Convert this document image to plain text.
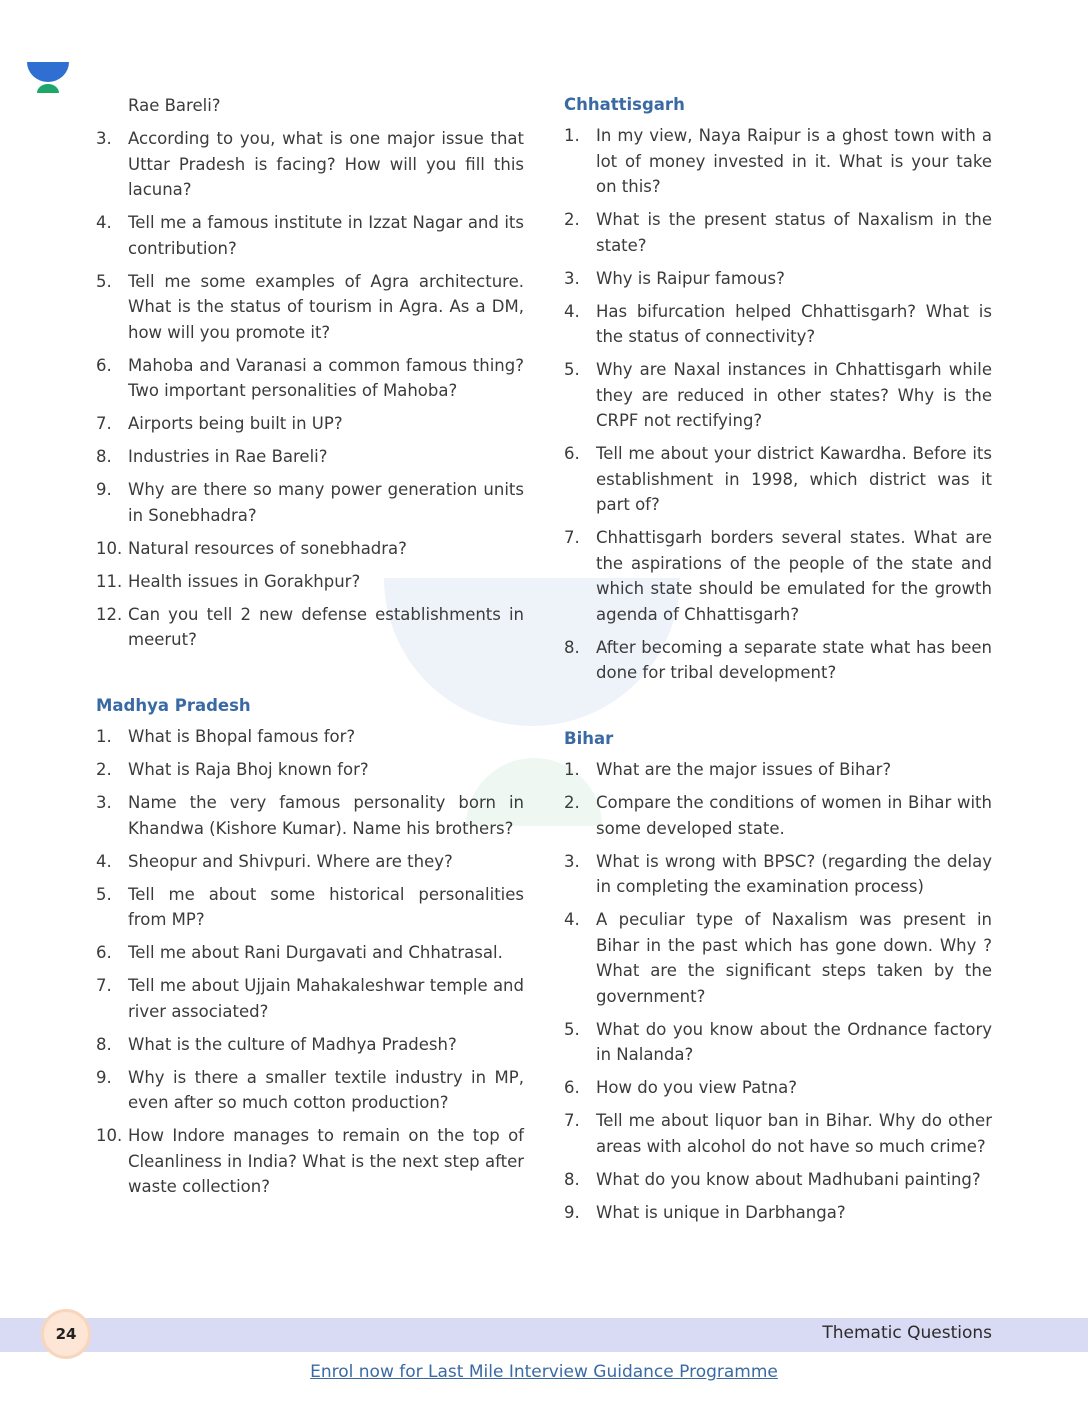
Rae Bareli?
3. According to you, what is one major issue that Uttar Pradesh is facing? How will you fill this lacuna?
4. Tell me a famous institute in Izzat Nagar and its contribution?
5. Tell me some examples of Agra architecture. What is the status of tourism in Agra. As a DM, how will you promote it?
6. Mahoba and Varanasi a common famous thing? Two important personalities of Mahoba?
7. Airports being built in UP?
8. Industries in Rae Bareli?
9. Why are there so many power generation units in Sonebhadra?
10. Natural resources of sonebhadra?
11. Health issues in Gorakhpur?
12. Can you tell 2 new defense establishments in meerut?
Madhya Pradesh
1. What is Bhopal famous for?
2. What is Raja Bhoj known for?
3. Name the very famous personality born in Khandwa (Kishore Kumar). Name his brothers?
4. Sheopur and Shivpuri. Where are they?
5. Tell me about some historical personalities from MP?
6. Tell me about Rani Durgavati and Chhatrasal.
7. Tell me about Ujjain Mahakaleshwar temple and river associated?
8. What is the culture of Madhya Pradesh?
9. Why is there a smaller textile industry in MP, even after so much cotton production?
10. How Indore manages to remain on the top of Cleanliness in India? What is the next step after waste collection?
Chhattisgarh
1. In my view, Naya Raipur is a ghost town with a lot of money invested in it. What is your take on this?
2. What is the present status of Naxalism in the state?
3. Why is Raipur famous?
4. Has bifurcation helped Chhattisgarh? What is the status of connectivity?
5. Why are Naxal instances in Chhattisgarh while they are reduced in other states? Why is the CRPF not rectifying?
6. Tell me about your district Kawardha. Before its establishment in 1998, which district was it part of?
7. Chhattisgarh borders several states. What are the aspirations of the people of the state and which state should be emulated for the growth agenda of Chhattisgarh?
8. After becoming a separate state what has been done for tribal development?
Bihar
1. What are the major issues of Bihar?
2. Compare the conditions of women in Bihar with some developed state.
3. What is wrong with BPSC? (regarding the delay in completing the examination process)
4. A peculiar type of Naxalism was present in Bihar in the past which has gone down. Why ? What are the significant steps taken by the government?
5. What do you know about the Ordnance factory in Nalanda?
6. How do you view Patna?
7. Tell me about liquor ban in Bihar. Why do other areas with alcohol do not have so much crime?
8. What do you know about Madhubani painting?
9. What is unique in Darbhanga?
24	Thematic Questions
Enrol now for Last Mile Interview Guidance Programme
